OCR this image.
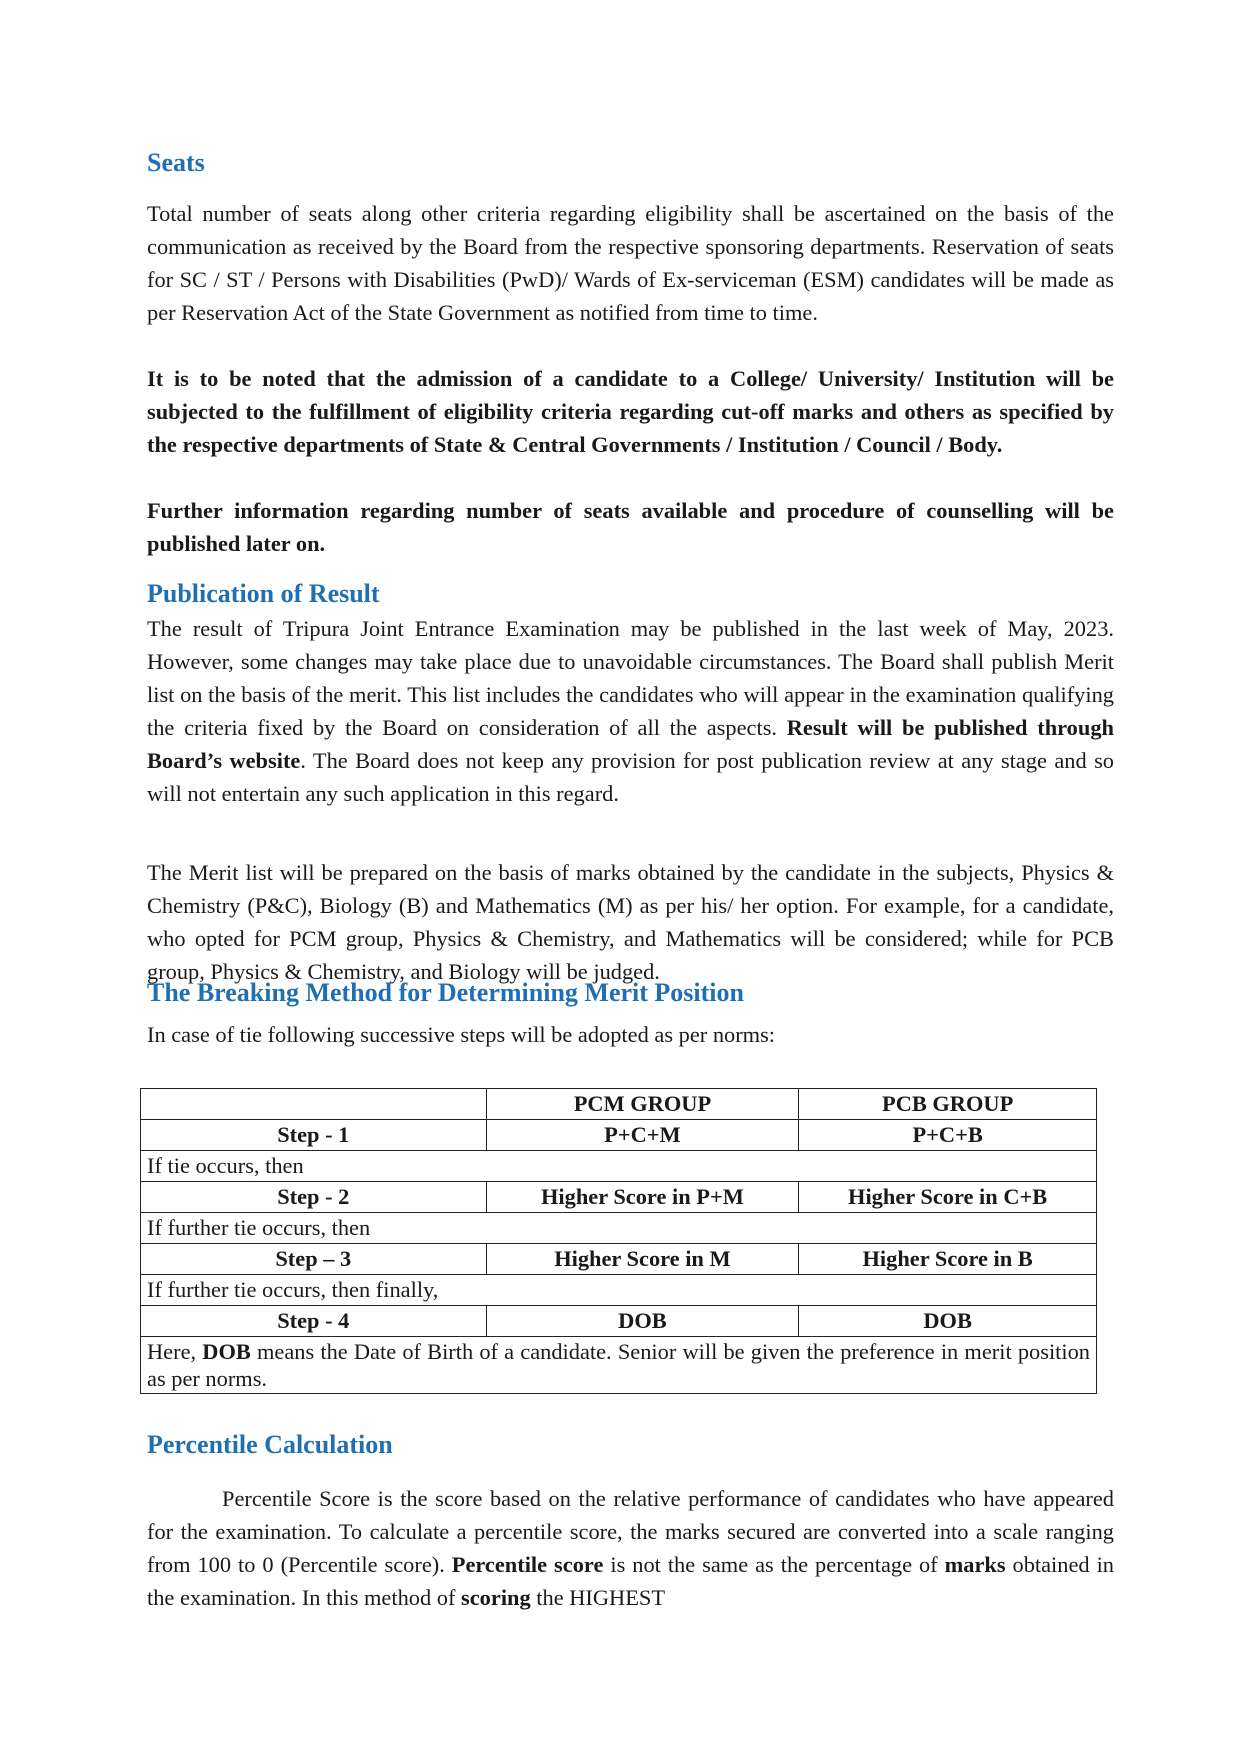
Seats

Total number of seats along other criteria regarding eligibility shall be ascertained on the basis of the communication as received by the Board from the respective sponsoring departments. Reservation of seats for SC / ST / Persons with Disabilities (PwD)/ Wards of Ex-serviceman (ESM) candidates will be made as per Reservation Act of the State Government as notified from time to time.

It is to be noted that the admission of a candidate to a College/ University/ Institution will be subjected to the fulfillment of eligibility criteria regarding cut-off marks and others as specified by the respective departments of State & Central Governments / Institution / Council / Body.

Further information regarding number of seats available and procedure of counselling will be published later on.

Publication of Result

The result of Tripura Joint Entrance Examination may be published in the last week of May, 2023. However, some changes may take place due to unavoidable circumstances. The Board shall publish Merit list on the basis of the merit. This list includes the candidates who will appear in the examination qualifying the criteria fixed by the Board on consideration of all the aspects. Result will be published through Board’s website. The Board does not keep any provision for post publication review at any stage and so will not entertain any such application in this regard.

The Merit list will be prepared on the basis of marks obtained by the candidate in the subjects, Physics & Chemistry (P&C), Biology (B) and Mathematics (M) as per his/ her option. For example, for a candidate, who opted for PCM group, Physics & Chemistry, and Mathematics will be considered; while for PCB group, Physics & Chemistry, and Biology will be judged.

The Breaking Method for Determining Merit Position

In case of tie following successive steps will be adopted as per norms:

	PCM GROUP	PCB GROUP
Step - 1	P+C+M	P+C+B
If tie occurs, then		
Step - 2	Higher Score in P+M	Higher Score in C+B
If further tie occurs, then		
Step – 3	Higher Score in M	Higher Score in B
If further tie occurs, then finally,		
Step - 4	DOB	DOB
Here, DOB means the Date of Birth of a candidate. Senior will be given the preference in merit position as per norms.		
Percentile Calculation

Percentile Score is the score based on the relative performance of candidates who have appeared for the examination. To calculate a percentile score, the marks secured are converted into a scale ranging from 100 to 0 (Percentile score). Percentile score is not the same as the percentage of marks obtained in the examination. In this method of scoring the HIGHEST
